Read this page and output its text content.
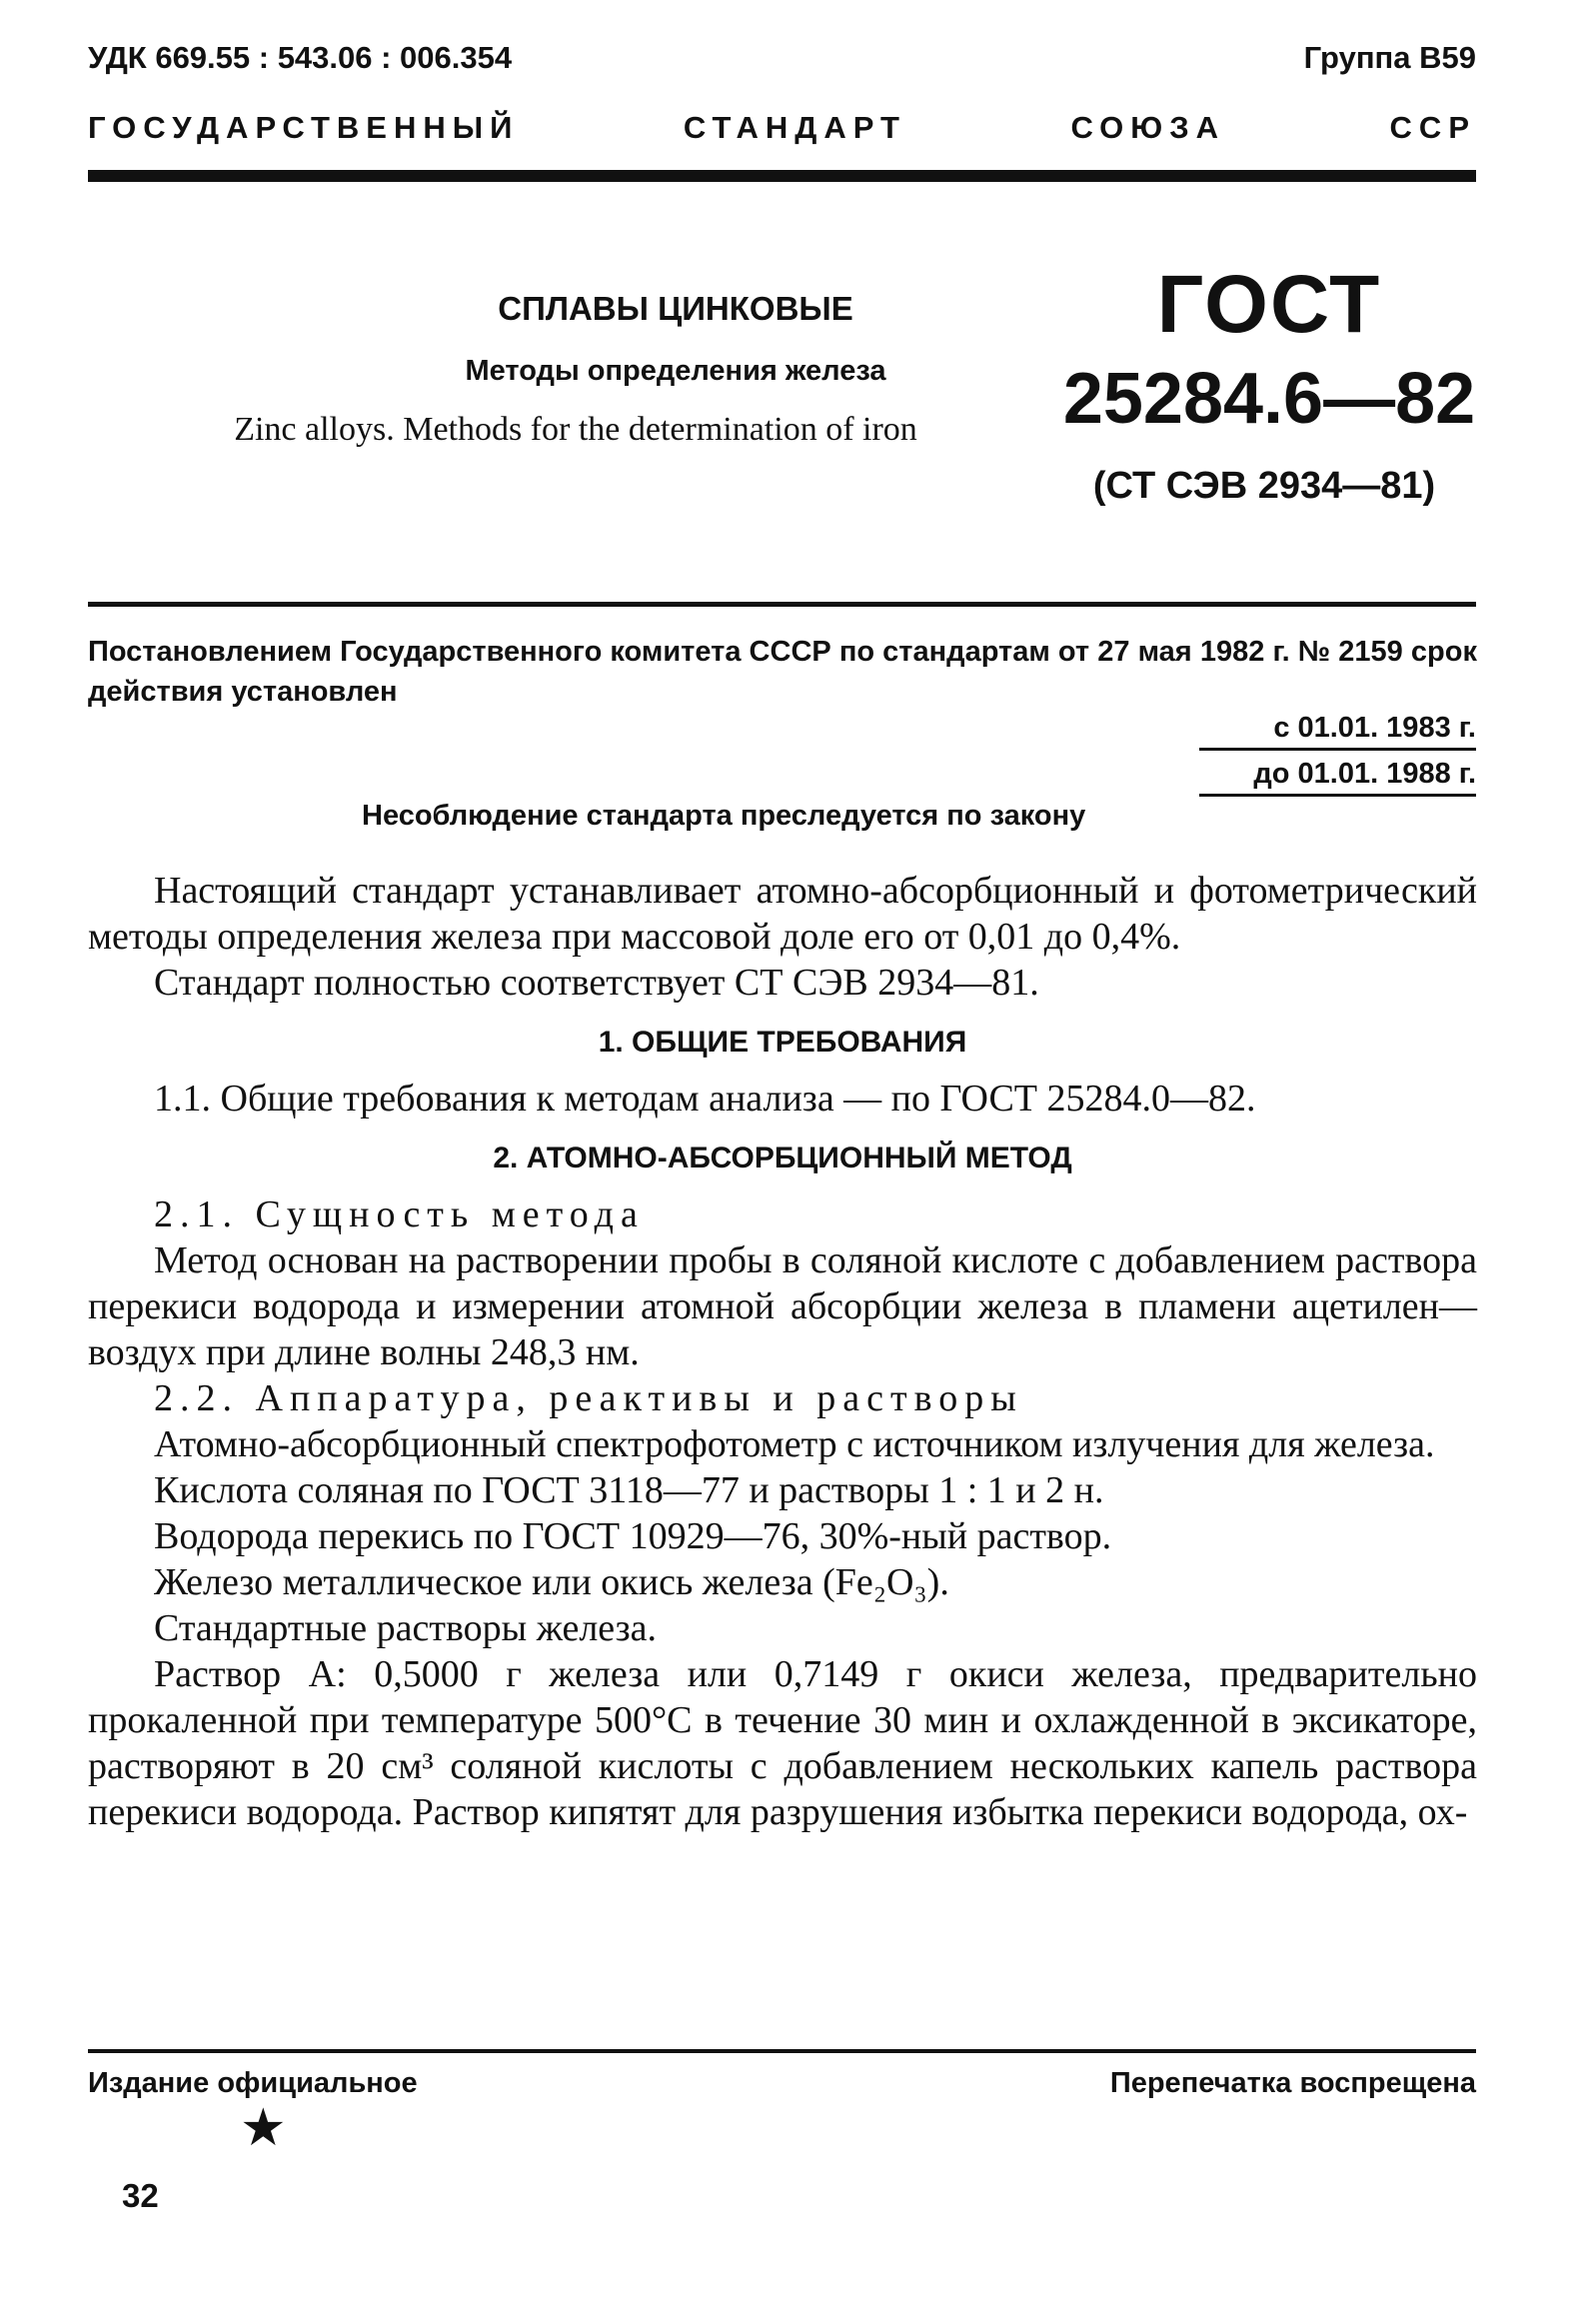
УДК 669.55 : 543.06 : 006.354	Группа В59
ГОСУДАРСТВЕННЫЙ	СТАНДАРТ	СОЮЗА	ССР
СПЛАВЫ ЦИНКОВЫЕ
Методы определения железа
Zinc alloys. Methods for the determination of iron
ГОСТ
25284.6—82
(СТ СЭВ 2934—81)
Постановлением Государственного комитета СССР по стандартам от 27 мая 1982 г. № 2159 срок действия установлен
с 01.01. 1983 г.
до 01.01. 1988 г.
Несоблюдение стандарта преследуется по закону

Настоящий стандарт устанавливает атомно-абсорбционный и фотометрический методы определения железа при массовой доле его от 0,01 до 0,4%.

Стандарт полностью соответствует СТ СЭВ 2934—81.

1. ОБЩИЕ ТРЕБОВАНИЯ

1.1. Общие требования к методам анализа — по ГОСТ 25284.0—82.

2. АТОМНО-АБСОРБЦИОННЫЙ МЕТОД

2.1. Сущность метода

Метод основан на растворении пробы в соляной кислоте с добавлением раствора перекиси водорода и измерении атомной абсорбции железа в пламени ацетилен—воздух при длине волны 248,3 нм.

2.2. Аппаратура, реактивы и растворы

Атомно-абсорбционный спектрофотометр с источником излучения для железа.

Кислота соляная по ГОСТ 3118—77 и растворы 1 : 1 и 2 н.

Водорода перекись по ГОСТ 10929—76, 30%-ный раствор.

Железо металлическое или окись железа (Fe₂O₃).

Стандартные растворы железа.

Раствор А: 0,5000 г железа или 0,7149 г окиси железа, предварительно прокаленной при температуре 500°С в течение 30 мин и охлажденной в эксикаторе, растворяют в 20 см³ соляной кислоты с добавлением нескольких капель раствора перекиси водорода. Раствор кипятят для разрушения избытка перекиси водорода, ох-

Издание официальное	Перепечатка воспрещена
★
32
